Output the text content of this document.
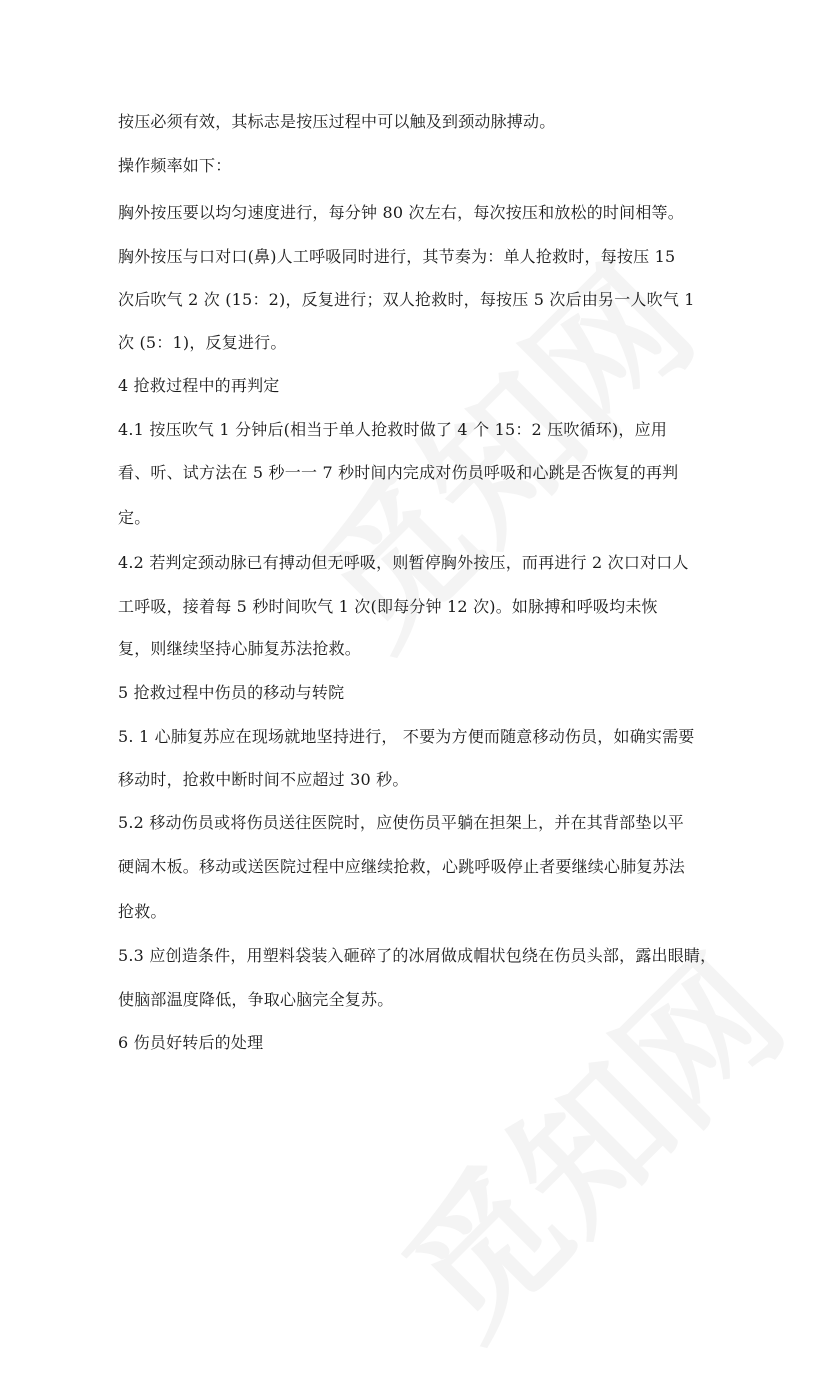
按压必须有效，其标志是按压过程中可以触及到颈动脉搏动。
操作频率如下：
胸外按压要以均匀速度进行，每分钟 80 次左右，每次按压和放松的时间相等。
胸外按压与口对口(鼻)人工呼吸同时进行，其节奏为：单人抢救时，每按压 15
次后吹气 2 次 (15：2)，反复进行；双人抢救时，每按压 5 次后由另一人吹气 1
次 (5：1)，反复进行。
4 抢救过程中的再判定
4.1 按压吹气 1 分钟后(相当于单人抢救时做了 4 个 15：2 压吹循环)，应用
看、听、试方法在 5 秒一一 7 秒时间内完成对伤员呼吸和心跳是否恢复的再判
定。
4.2 若判定颈动脉已有搏动但无呼吸，则暂停胸外按压，而再进行 2 次口对口人
工呼吸，接着每 5 秒时间吹气 1 次(即每分钟 12 次)。如脉搏和呼吸均未恢
复，则继续坚持心肺复苏法抢救。
5 抢救过程中伤员的移动与转院
5. 1 心肺复苏应在现场就地坚持进行， 不要为方便而随意移动伤员，如确实需要
移动时，抢救中断时间不应超过 30 秒。
5.2 移动伤员或将伤员送往医院时，应使伤员平躺在担架上，并在其背部垫以平
硬阔木板。移动或送医院过程中应继续抢救，心跳呼吸停止者要继续心肺复苏法
抢救。
5.3 应创造条件，用塑料袋装入砸碎了的冰屑做成帽状包绕在伤员头部，露出眼睛，
使脑部温度降低，争取心脑完全复苏。
6 伤员好转后的处理
